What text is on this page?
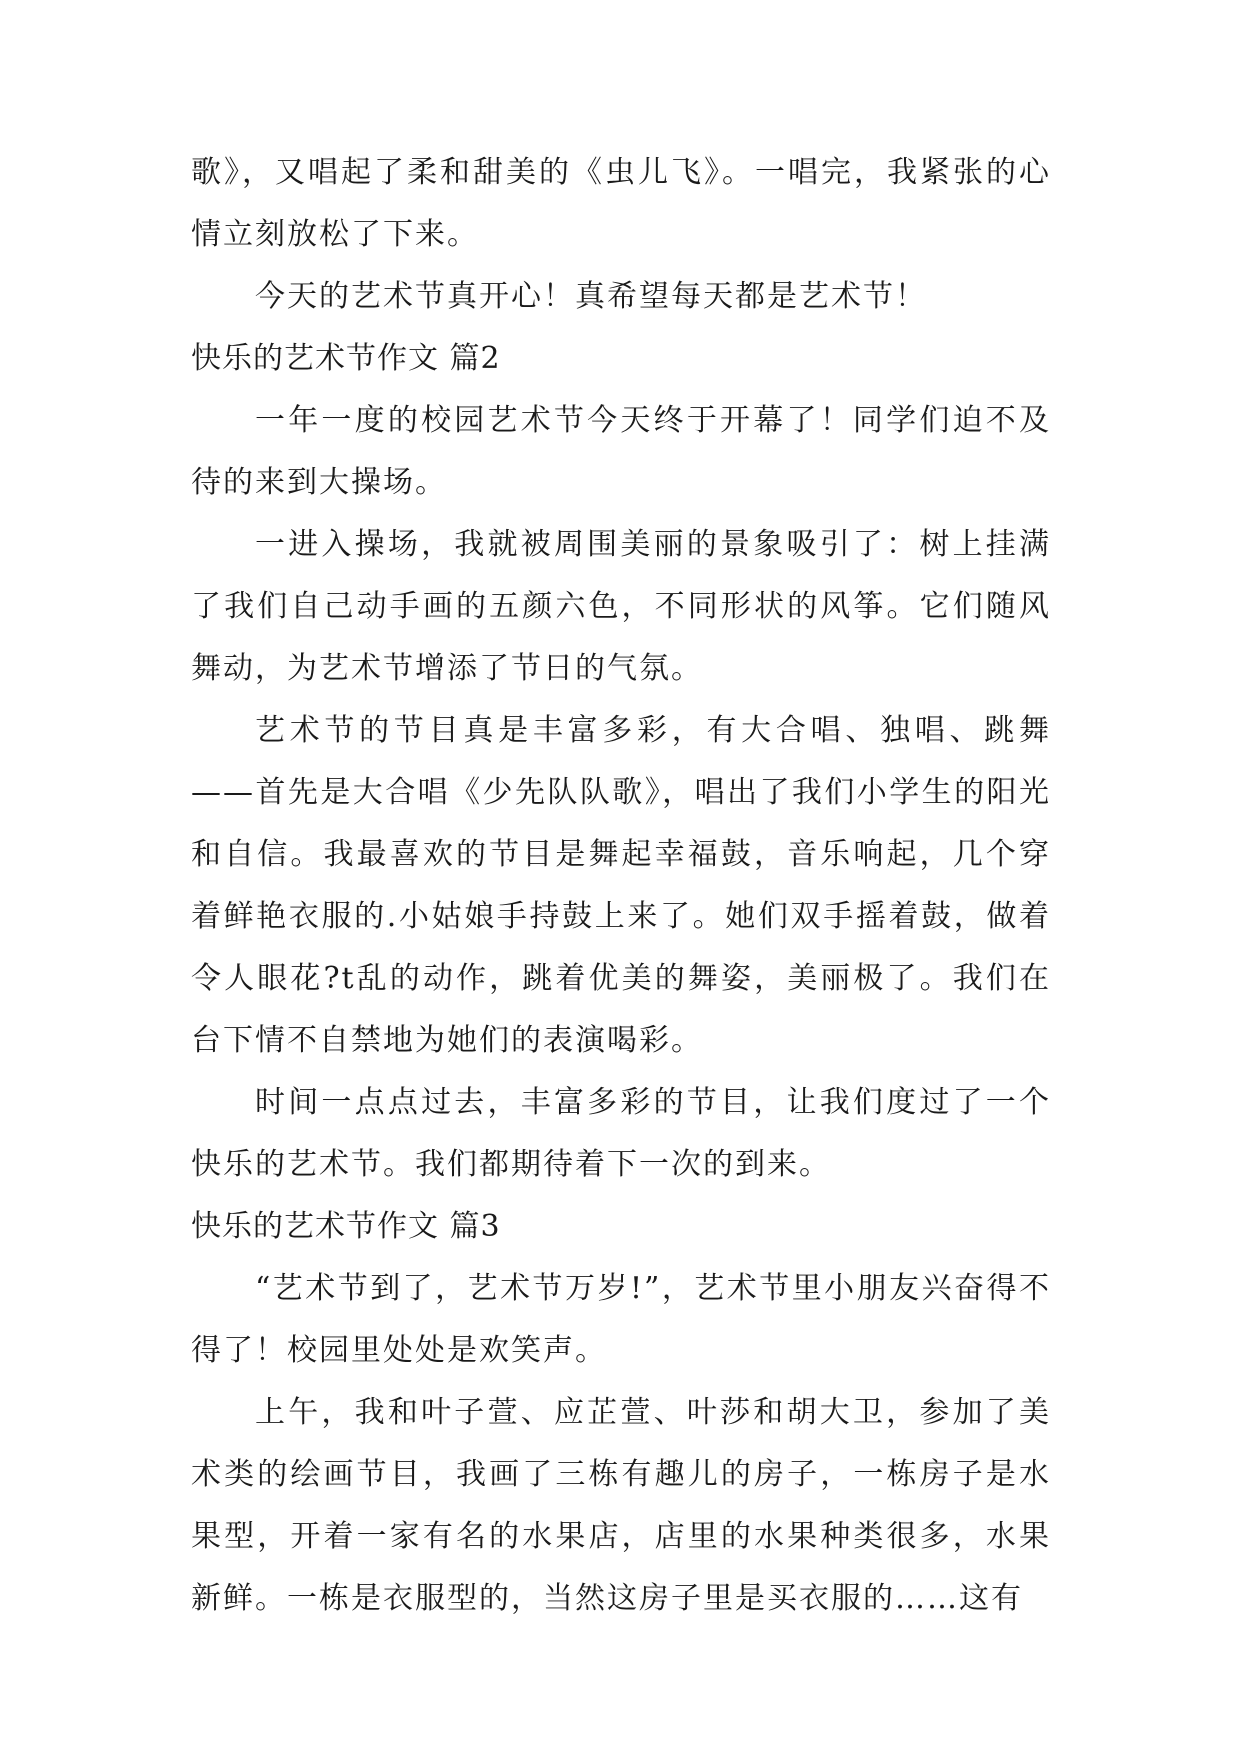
歌》，又唱起了柔和甜美的《虫儿飞》。一唱完，我紧张的心情立刻放松了下来。

今天的艺术节真开心！真希望每天都是艺术节！

快乐的艺术节作文 篇2

一年一度的校园艺术节今天终于开幕了！同学们迫不及待的来到大操场。

一进入操场，我就被周围美丽的景象吸引了：树上挂满了我们自己动手画的五颜六色，不同形状的风筝。它们随风舞动，为艺术节增添了节日的气氛。

艺术节的节目真是丰富多彩，有大合唱、独唱、跳舞——首先是大合唱《少先队队歌》，唱出了我们小学生的阳光和自信。我最喜欢的节目是舞起幸福鼓，音乐响起，几个穿着鲜艳衣服的.小姑娘手持鼓上来了。她们双手摇着鼓，做着令人眼花?t乱的动作，跳着优美的舞姿，美丽极了。我们在台下情不自禁地为她们的表演喝彩。

时间一点点过去，丰富多彩的节目，让我们度过了一个快乐的艺术节。我们都期待着下一次的到来。

快乐的艺术节作文 篇3

“艺术节到了，艺术节万岁!”，艺术节里小朋友兴奋得不得了！校园里处处是欢笑声。

上午，我和叶子萱、应芷萱、叶莎和胡大卫，参加了美术类的绘画节目，我画了三栋有趣儿的房子，一栋房子是水果型，开着一家有名的水果店，店里的水果种类很多，水果新鲜。一栋是衣服型的，当然这房子里是买衣服的……这有
